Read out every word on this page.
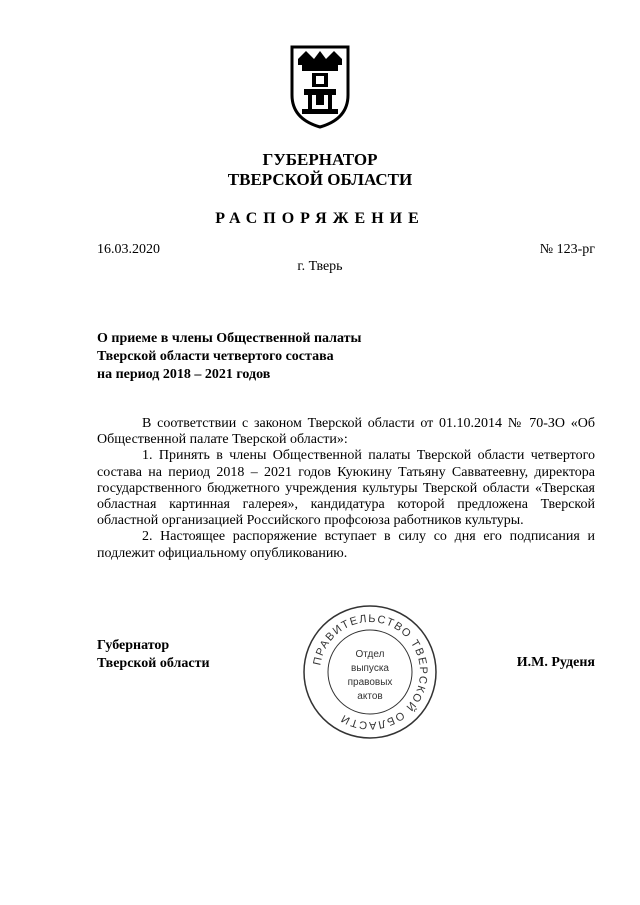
ГУБЕРНАТОР
ТВЕРСКОЙ ОБЛАСТИ
РАСПОРЯЖЕНИЕ
16.03.2020	№ 123-рг
г. Тверь
О приеме в члены Общественной палаты
Тверской области четвертого состава
на период 2018 – 2021 годов

В соответствии с законом Тверской области от 01.10.2014 № 70-ЗО «Об Общественной палате Тверской области»:

1. Принять в члены Общественной палаты Тверской области четвертого состава на период 2018 – 2021 годов Куюкину Татьяну Савватеевну, директора государственного бюджетного учреждения культуры Тверской области «Тверская областная картинная галерея», кандидатура которой предложена Тверской областной организацией Российского профсоюза работников культуры.

2. Настоящее распоряжение вступает в силу со дня его подписания и подлежит официальному опубликованию.

Губернатор
Тверской области	ПРАВИТЕЛЬСТВО ТВЕРСКОЙ ОБЛАСТИ
Отдел
выпуска
правовых
актов
И.М. Руденя
